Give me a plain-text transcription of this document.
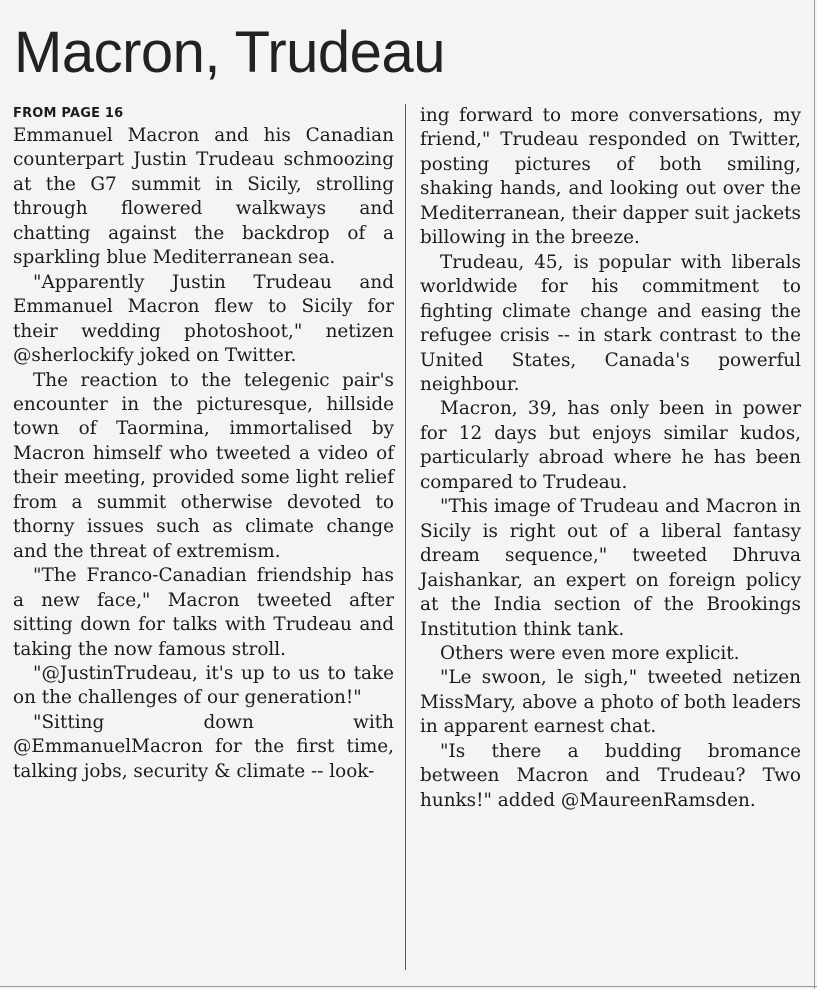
Macron, Trudeau

FROM PAGE 16

Emmanuel Macron and his Canadian counterpart Justin Trudeau schmoozing at the G7 summit in Sicily, strolling through flowered walkways and chatting against the backdrop of a sparkling blue Mediterranean sea.

"Apparently Justin Trudeau and Emmanuel Macron flew to Sicily for their wedding photoshoot," netizen @sherlockify joked on Twitter.

The reaction to the telegenic pair's encounter in the picturesque, hillside town of Taormina, immortalised by Macron himself who tweeted a video of their meeting, provided some light relief from a summit otherwise devoted to thorny issues such as climate change and the threat of extremism.

"The Franco-Canadian friendship has a new face," Macron tweeted after sitting down for talks with Trudeau and taking the now famous stroll.

"@JustinTrudeau, it's up to us to take on the challenges of our generation!"

"Sitting down with @EmmanuelMacron for the first time, talking jobs, security & climate -- look-

ing forward to more conversations, my friend," Trudeau responded on Twitter, posting pictures of both smiling, shaking hands, and looking out over the Mediterranean, their dapper suit jackets billowing in the breeze.

Trudeau, 45, is popular with liberals worldwide for his commitment to fighting climate change and easing the refugee crisis -- in stark contrast to the United States, Canada's powerful neighbour.

Macron, 39, has only been in power for 12 days but enjoys similar kudos, particularly abroad where he has been compared to Trudeau.

"This image of Trudeau and Macron in Sicily is right out of a liberal fantasy dream sequence," tweeted Dhruva Jaishankar, an expert on foreign policy at the India section of the Brookings Institution think tank.

Others were even more explicit.

"Le swoon, le sigh," tweeted netizen MissMary, above a photo of both leaders in apparent earnest chat.

"Is there a budding bromance between Macron and Trudeau? Two hunks!" added @MaureenRamsden.
